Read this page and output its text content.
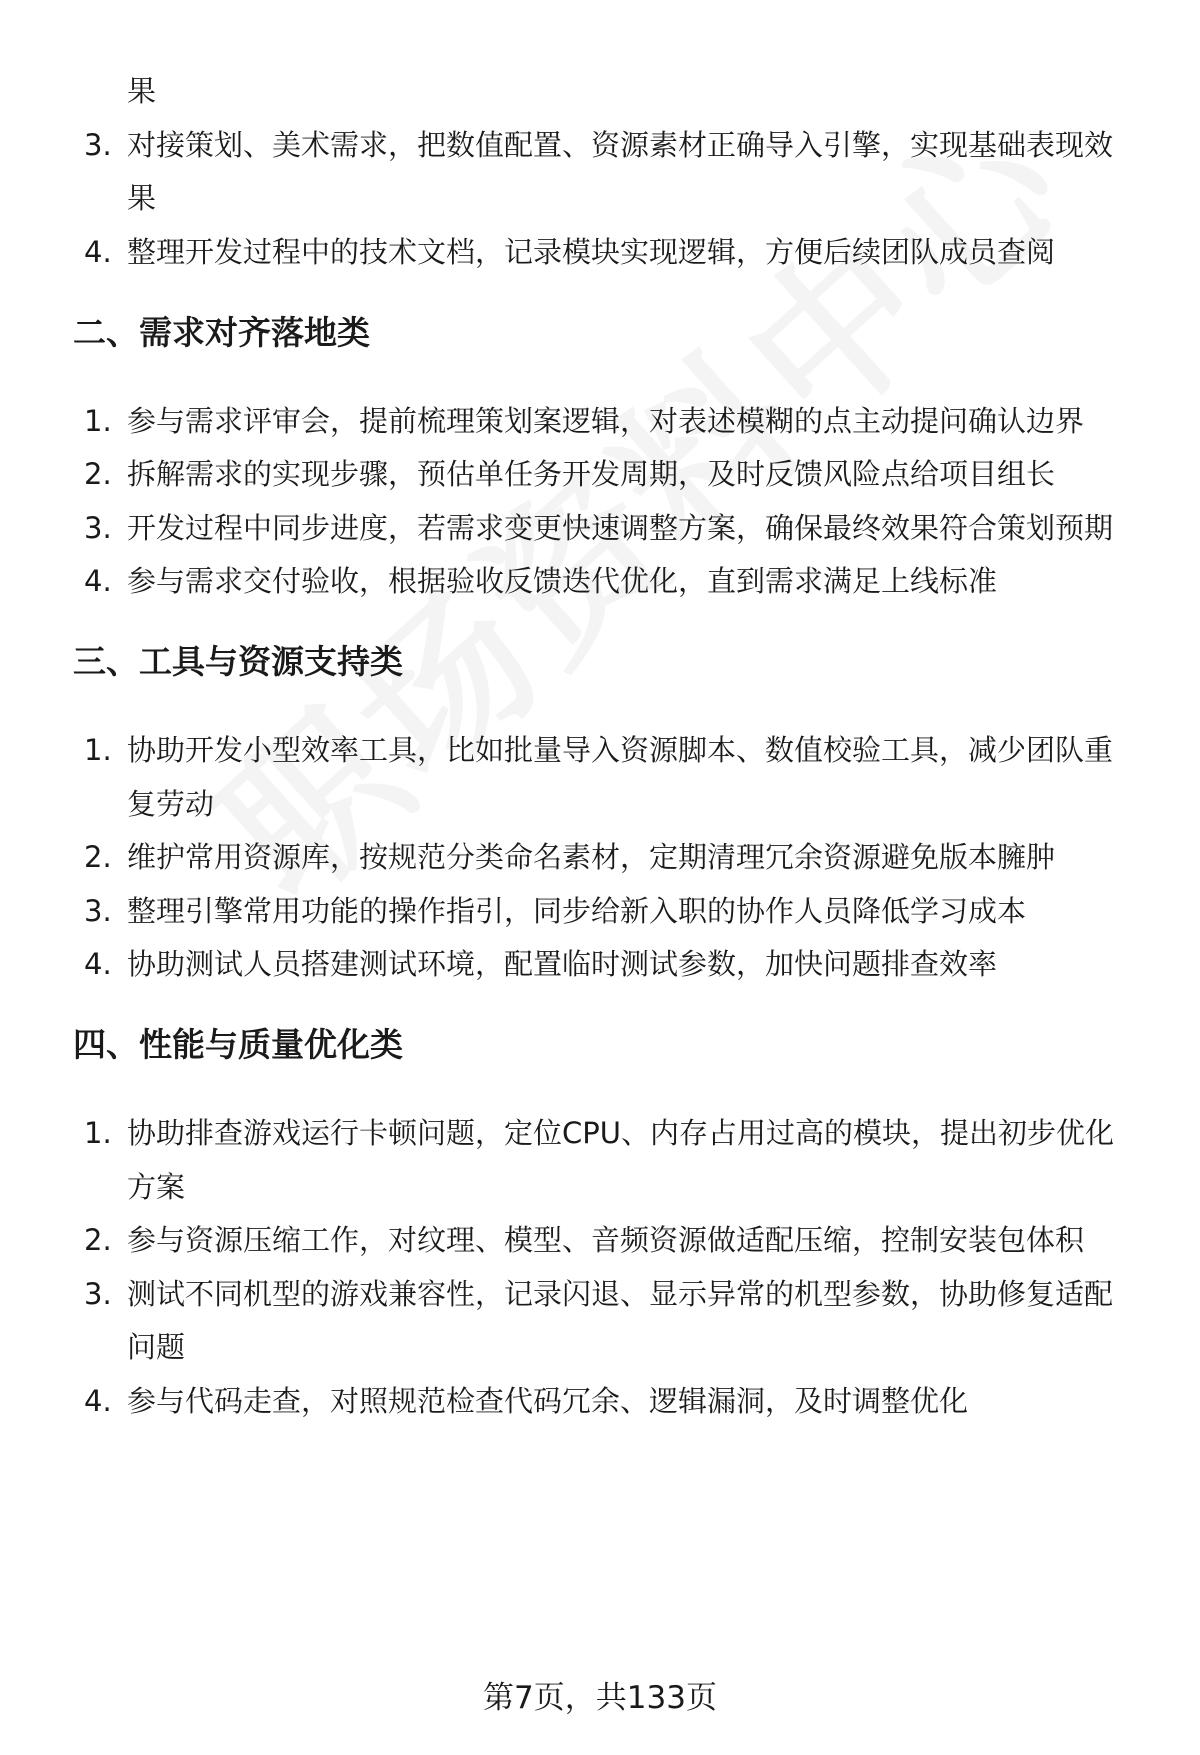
果
3. 对接策划、美术需求，把数值配置、资源素材正确导入引擎，实现基础表现效
果
4. 整理开发过程中的技术文档，记录模块实现逻辑，方便后续团队成员查阅
二、需求对齐落地类
1. 参与需求评审会，提前梳理策划案逻辑，对表述模糊的点主动提问确认边界
2. 拆解需求的实现步骤，预估单任务开发周期，及时反馈风险点给项目组长
3. 开发过程中同步进度，若需求变更快速调整方案，确保最终效果符合策划预期
4. 参与需求交付验收，根据验收反馈迭代优化，直到需求满足上线标准
三、工具与资源支持类
1. 协助开发小型效率工具，比如批量导入资源脚本、数值校验工具，减少团队重
复劳动
2. 维护常用资源库，按规范分类命名素材，定期清理冗余资源避免版本臃肿
3. 整理引擎常用功能的操作指引，同步给新入职的协作人员降低学习成本
4. 协助测试人员搭建测试环境，配置临时测试参数，加快问题排查效率
四、性能与质量优化类
1. 协助排查游戏运行卡顿问题，定位CPU、内存占用过高的模块，提出初步优化
方案
2. 参与资源压缩工作，对纹理、模型、音频资源做适配压缩，控制安装包体积
3. 测试不同机型的游戏兼容性，记录闪退、显示异常的机型参数，协助修复适配
问题
4. 参与代码走查，对照规范检查代码冗余、逻辑漏洞，及时调整优化
第7页，共133页
